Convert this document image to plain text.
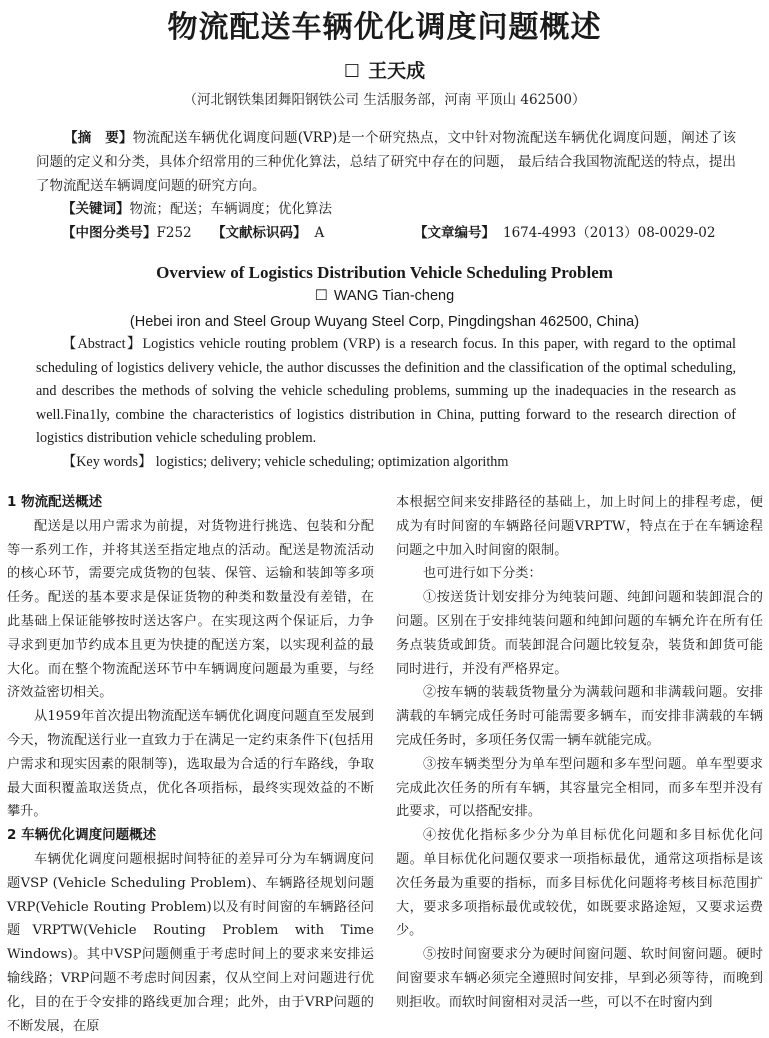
物流配送车辆优化调度问题概述
☐ 王天成
（河北钢铁集团舞阳钢铁公司 生活服务部，河南 平顶山 462500）
【摘　要】物流配送车辆优化调度问题(VRP)是一个研究热点，文中针对物流配送车辆优化调度问题，阐述了该问题的定义和分类，具体介绍常用的三种优化算法，总结了研究中存在的问题， 最后结合我国物流配送的特点，提出了物流配送车辆调度问题的研究方向。
【关键词】物流；配送；车辆调度；优化算法
【中图分类号】F252 【文献标识码】 A	【文章编号】 1674-4993（2013）08-0029-02
Overview of Logistics Distribution Vehicle Scheduling Problem
☐ WANG Tian-cheng
(Hebei iron and Steel Group Wuyang Steel Corp, Pingdingshan 462500, China)
【Abstract】Logistics vehicle routing problem (VRP) is a research focus. In this paper, with regard to the optimal scheduling of logistics delivery vehicle, the author discusses the definition and the classification of the optimal scheduling, and describes the methods of solving the vehicle scheduling problems, summing up the inadequacies in the research as well.Fina1ly, combine the characteristics of logistics distribution in China, putting forward to the research direction of logistics distribution vehicle scheduling problem.
【Key words】 logistics; delivery; vehicle scheduling; optimization algorithm
1 物流配送概述

配送是以用户需求为前提，对货物进行挑选、包装和分配等一系列工作，并将其送至指定地点的活动。配送是物流活动的核心环节，需要完成货物的包装、保管、运输和装卸等多项任务。配送的基本要求是保证货物的种类和数量没有差错，在此基础上保证能够按时送达客户。在实现这两个保证后，力争寻求到更加节约成本且更为快捷的配送方案，以实现利益的最大化。而在整个物流配送环节中车辆调度问题最为重要，与经济效益密切相关。

从1959年首次提出物流配送车辆优化调度问题直至发展到今天，物流配送行业一直致力于在满足一定约束条件下(包括用户需求和现实因素的限制等)，选取最为合适的行车路线，争取最大面积覆盖取送货点，优化各项指标，最终实现效益的不断攀升。

2 车辆优化调度问题概述

车辆优化调度问题根据时间特征的差异可分为车辆调度问题VSP (Vehicle Scheduling Problem)、车辆路径规划问题VRP(Vehicle Routing Problem)以及有时间窗的车辆路径问题VRPTW(Vehicle Routing Problem with Time Windows)。其中VSP问题侧重于考虑时间上的要求来安排运输线路；VRP问题不考虑时间因素，仅从空间上对问题进行优化，目的在于令安排的路线更加合理；此外，由于VRP问题的不断发展，在原

本根据空间来安排路径的基础上，加上时间上的排程考虑，便成为有时间窗的车辆路径问题VRPTW，特点在于在车辆途程问题之中加入时间窗的限制。

也可进行如下分类：

①按送货计划安排分为纯装问题、纯卸问题和装卸混合的问题。区别在于安排纯装问题和纯卸问题的车辆允许在所有任务点装货或卸货。而装卸混合问题比较复杂，装货和卸货可能同时进行，并没有严格界定。

②按车辆的装载货物量分为满载问题和非满载问题。安排满载的车辆完成任务时可能需要多辆车，而安排非满载的车辆完成任务时，多项任务仅需一辆车就能完成。

③按车辆类型分为单车型问题和多车型问题。单车型要求完成此次任务的所有车辆，其容量完全相同，而多车型并没有此要求，可以搭配安排。

④按优化指标多少分为单目标优化问题和多目标优化问题。单目标优化问题仅要求一项指标最优，通常这项指标是该次任务最为重要的指标，而多目标优化问题将考核目标范围扩大，要求多项指标最优或较优，如既要求路途短，又要求运费少。

⑤按时间窗要求分为硬时间窗问题、软时间窗问题。硬时间窗要求车辆必须完全遵照时间安排，早到必须等待，而晚到则拒收。而软时间窗相对灵活一些，可以不在时窗内到
